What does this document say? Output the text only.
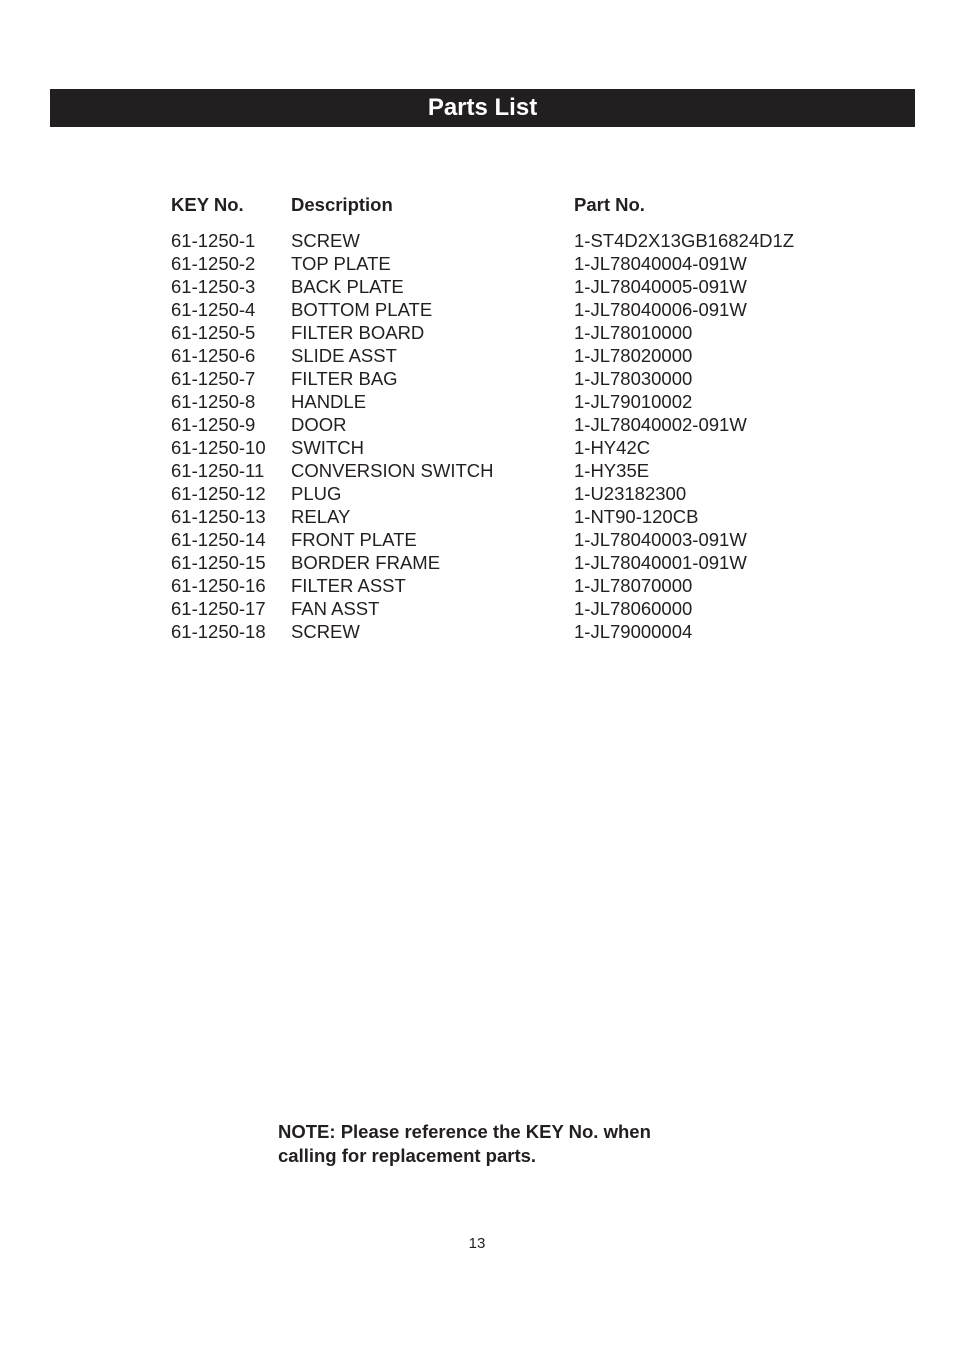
Parts List
KEY No.	Description	Part No.
61-1250-1	SCREW	1-ST4D2X13GB16824D1Z
61-1250-2	TOP PLATE	1-JL78040004-091W
61-1250-3	BACK PLATE	1-JL78040005-091W
61-1250-4	BOTTOM PLATE	1-JL78040006-091W
61-1250-5	FILTER BOARD	1-JL78010000
61-1250-6	SLIDE ASST	1-JL78020000
61-1250-7	FILTER BAG	1-JL78030000
61-1250-8	HANDLE	1-JL79010002
61-1250-9	DOOR	1-JL78040002-091W
61-1250-10	SWITCH	1-HY42C
61-1250-11	CONVERSION SWITCH	1-HY35E
61-1250-12	PLUG	1-U23182300
61-1250-13	RELAY	1-NT90-120CB
61-1250-14	FRONT PLATE	1-JL78040003-091W
61-1250-15	BORDER FRAME	1-JL78040001-091W
61-1250-16	FILTER ASST	1-JL78070000
61-1250-17	FAN ASST	1-JL78060000
61-1250-18	SCREW	1-JL79000004
NOTE: Please reference the KEY No. when
calling for replacement parts.
13
